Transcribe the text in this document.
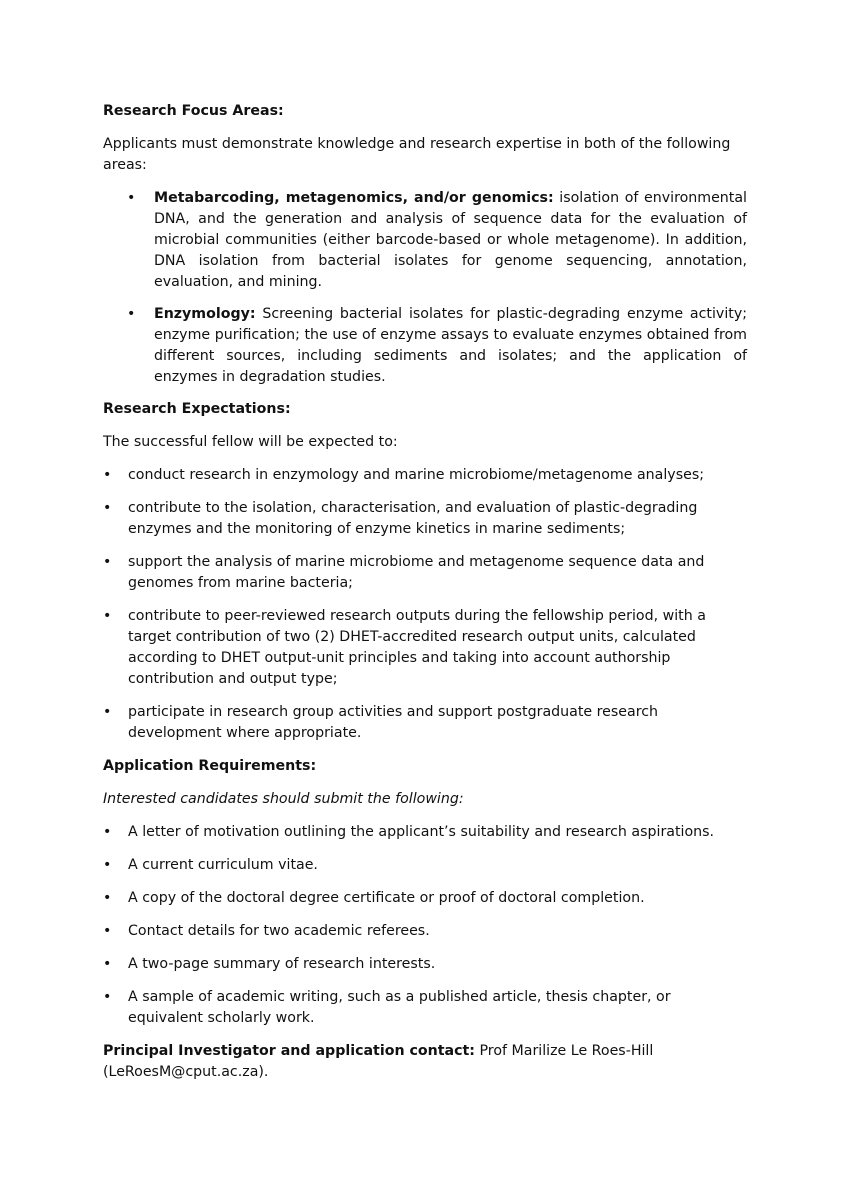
Research Focus Areas:

Applicants must demonstrate knowledge and research expertise in both of the following areas:

• Metabarcoding, metagenomics, and/or genomics: isolation of environmental DNA, and the generation and analysis of sequence data for the evaluation of microbial communities (either barcode-based or whole metagenome). In addition, DNA isolation from bacterial isolates for genome sequencing, annotation, evaluation, and mining.
• Enzymology: Screening bacterial isolates for plastic-degrading enzyme activity; enzyme purification; the use of enzyme assays to evaluate enzymes obtained from different sources, including sediments and isolates; and the application of enzymes in degradation studies.

Research Expectations:

The successful fellow will be expected to:

• conduct research in enzymology and marine microbiome/metagenome analyses;
• contribute to the isolation, characterisation, and evaluation of plastic-degrading enzymes and the monitoring of enzyme kinetics in marine sediments;
• support the analysis of marine microbiome and metagenome sequence data and genomes from marine bacteria;
• contribute to peer-reviewed research outputs during the fellowship period, with a target contribution of two (2) DHET-accredited research output units, calculated according to DHET output-unit principles and taking into account authorship contribution and output type;
• participate in research group activities and support postgraduate research development where appropriate.

Application Requirements:

Interested candidates should submit the following:

• A letter of motivation outlining the applicant’s suitability and research aspirations.
• A current curriculum vitae.
• A copy of the doctoral degree certificate or proof of doctoral completion.
• Contact details for two academic referees.
• A two-page summary of research interests.
• A sample of academic writing, such as a published article, thesis chapter, or equivalent scholarly work.

Principal Investigator and application contact: Prof Marilize Le Roes-Hill (LeRoesM@cput.ac.za).
